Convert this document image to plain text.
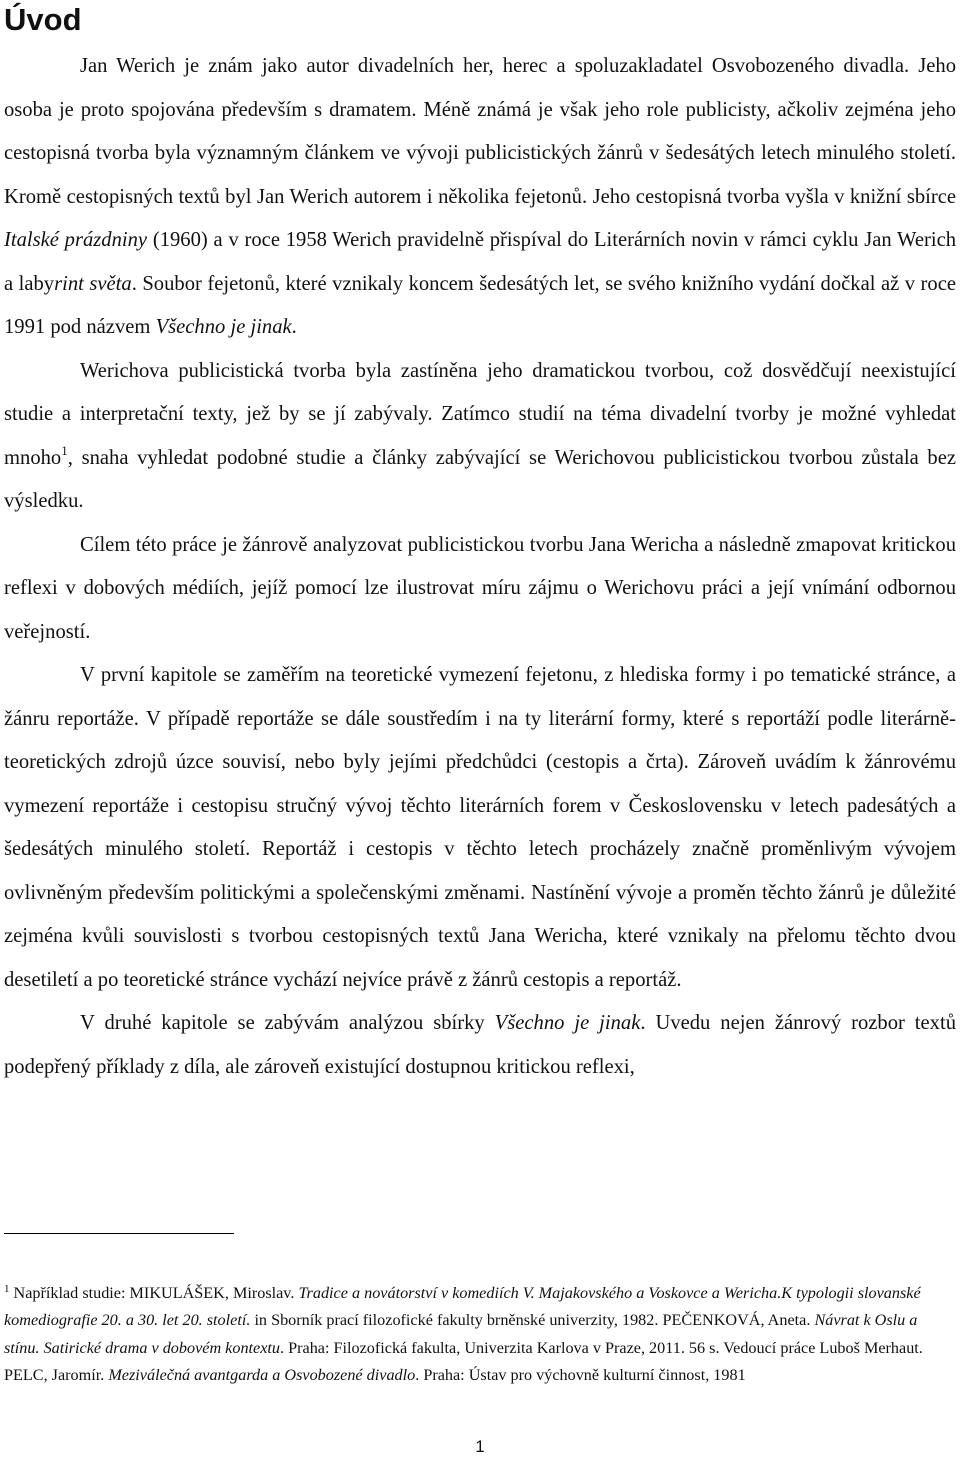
Úvod

Jan Werich je znám jako autor divadelních her, herec a spoluzakladatel Osvobozeného divadla. Jeho osoba je proto spojována především s dramatem. Méně známá je však jeho role publicisty, ačkoliv zejména jeho cestopisná tvorba byla významným článkem ve vývoji publicistických žánrů v šedesátých letech minulého století. Kromě cestopisných textů byl Jan Werich autorem i několika fejetonů. Jeho cestopisná tvorba vyšla v knižní sbírce Italské prázdniny (1960) a v roce 1958 Werich pravidelně přispíval do Literárních novin v rámci cyklu Jan Werich a labyrint světa. Soubor fejetonů, které vznikaly koncem šedesátých let, se svého knižního vydání dočkal až v roce 1991 pod názvem Všechno je jinak.

Werichova publicistická tvorba byla zastíněna jeho dramatickou tvorbou, což dosvědčují neexistující studie a interpretační texty, jež by se jí zabývaly. Zatímco studií na téma divadelní tvorby je možné vyhledat mnoho$^1$, snaha vyhledat podobné studie a články zabývající se Werichovou publicistickou tvorbou zůstala bez výsledku.

Cílem této práce je žánrově analyzovat publicistickou tvorbu Jana Wericha a následně zmapovat kritickou reflexi v dobových médiích, jejíž pomocí lze ilustrovat míru zájmu o Werichovu práci a její vnímání odbornou veřejností.

V první kapitole se zaměřím na teoretické vymezení fejetonu, z hlediska formy i po tematické stránce, a žánru reportáže. V případě reportáže se dále soustředím i na ty literární formy, které s reportáží podle literárně-teoretických zdrojů úzce souvisí, nebo byly jejími předchůdci (cestopis a črta). Zároveň uvádím k žánrovému vymezení reportáže i cestopisu stručný vývoj těchto literárních forem v Československu v letech padesátých a šedesátých minulého století. Reportáž i cestopis v těchto letech procházely značně proměnlivým vývojem ovlivněným především politickými a společenskými změnami. Nastínění vývoje a proměn těchto žánrů je důležité zejména kvůli souvislosti s tvorbou cestopisných textů Jana Wericha, které vznikaly na přelomu těchto dvou desetiletí a po teoretické stránce vychází nejvíce právě z žánrů cestopis a reportáž.

V druhé kapitole se zabývám analýzou sbírky Všechno je jinak. Uvedu nejen žánrový rozbor textů podepřený příklady z díla, ale zároveň existující dostupnou kritickou reflexi,

$^1$ Například studie: MIKULÁŠEK, Miroslav. Tradice a novátorství v komediích V. Majakovského a Voskovce a Wericha.K typologii slovanské komediografie 20. a 30. let 20. století. in Sborník prací filozofické fakulty brněnské univerzity, 1982. PEČENKOVÁ, Aneta. Návrat k Oslu a stínu. Satirické drama v dobovém kontextu. Praha: Filozofická fakulta, Univerzita Karlova v Praze, 2011. 56 s. Vedoucí práce Luboš Merhaut. PELC, Jaromír. Meziválečná avantgarda a Osvobozené divadlo. Praha: Ústav pro výchovně kulturní činnost, 1981

1
